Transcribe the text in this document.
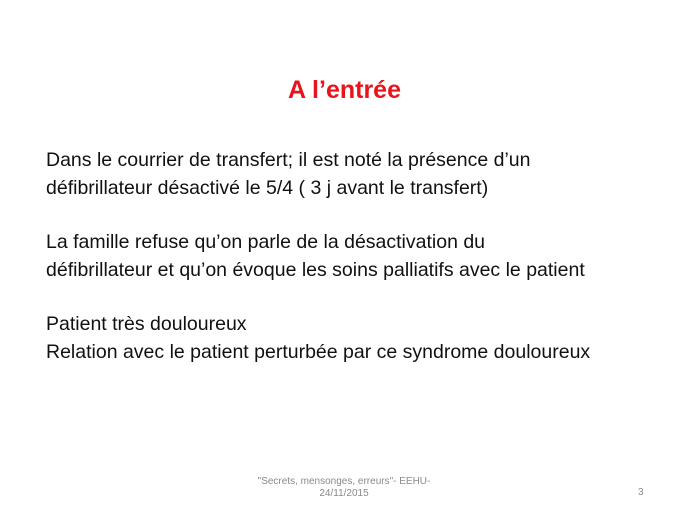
A l’entrée

Dans le courrier de transfert; il est noté la présence d’un
défibrillateur désactivé le 5/4 ( 3 j avant le transfert)

La famille refuse qu’on parle de la désactivation du
défibrillateur et qu’on évoque les soins palliatifs avec le patient

Patient très douloureux
Relation avec le patient perturbée par ce syndrome douloureux

"Secrets, mensonges, erreurs"- EEHU-
24/11/2015	3
